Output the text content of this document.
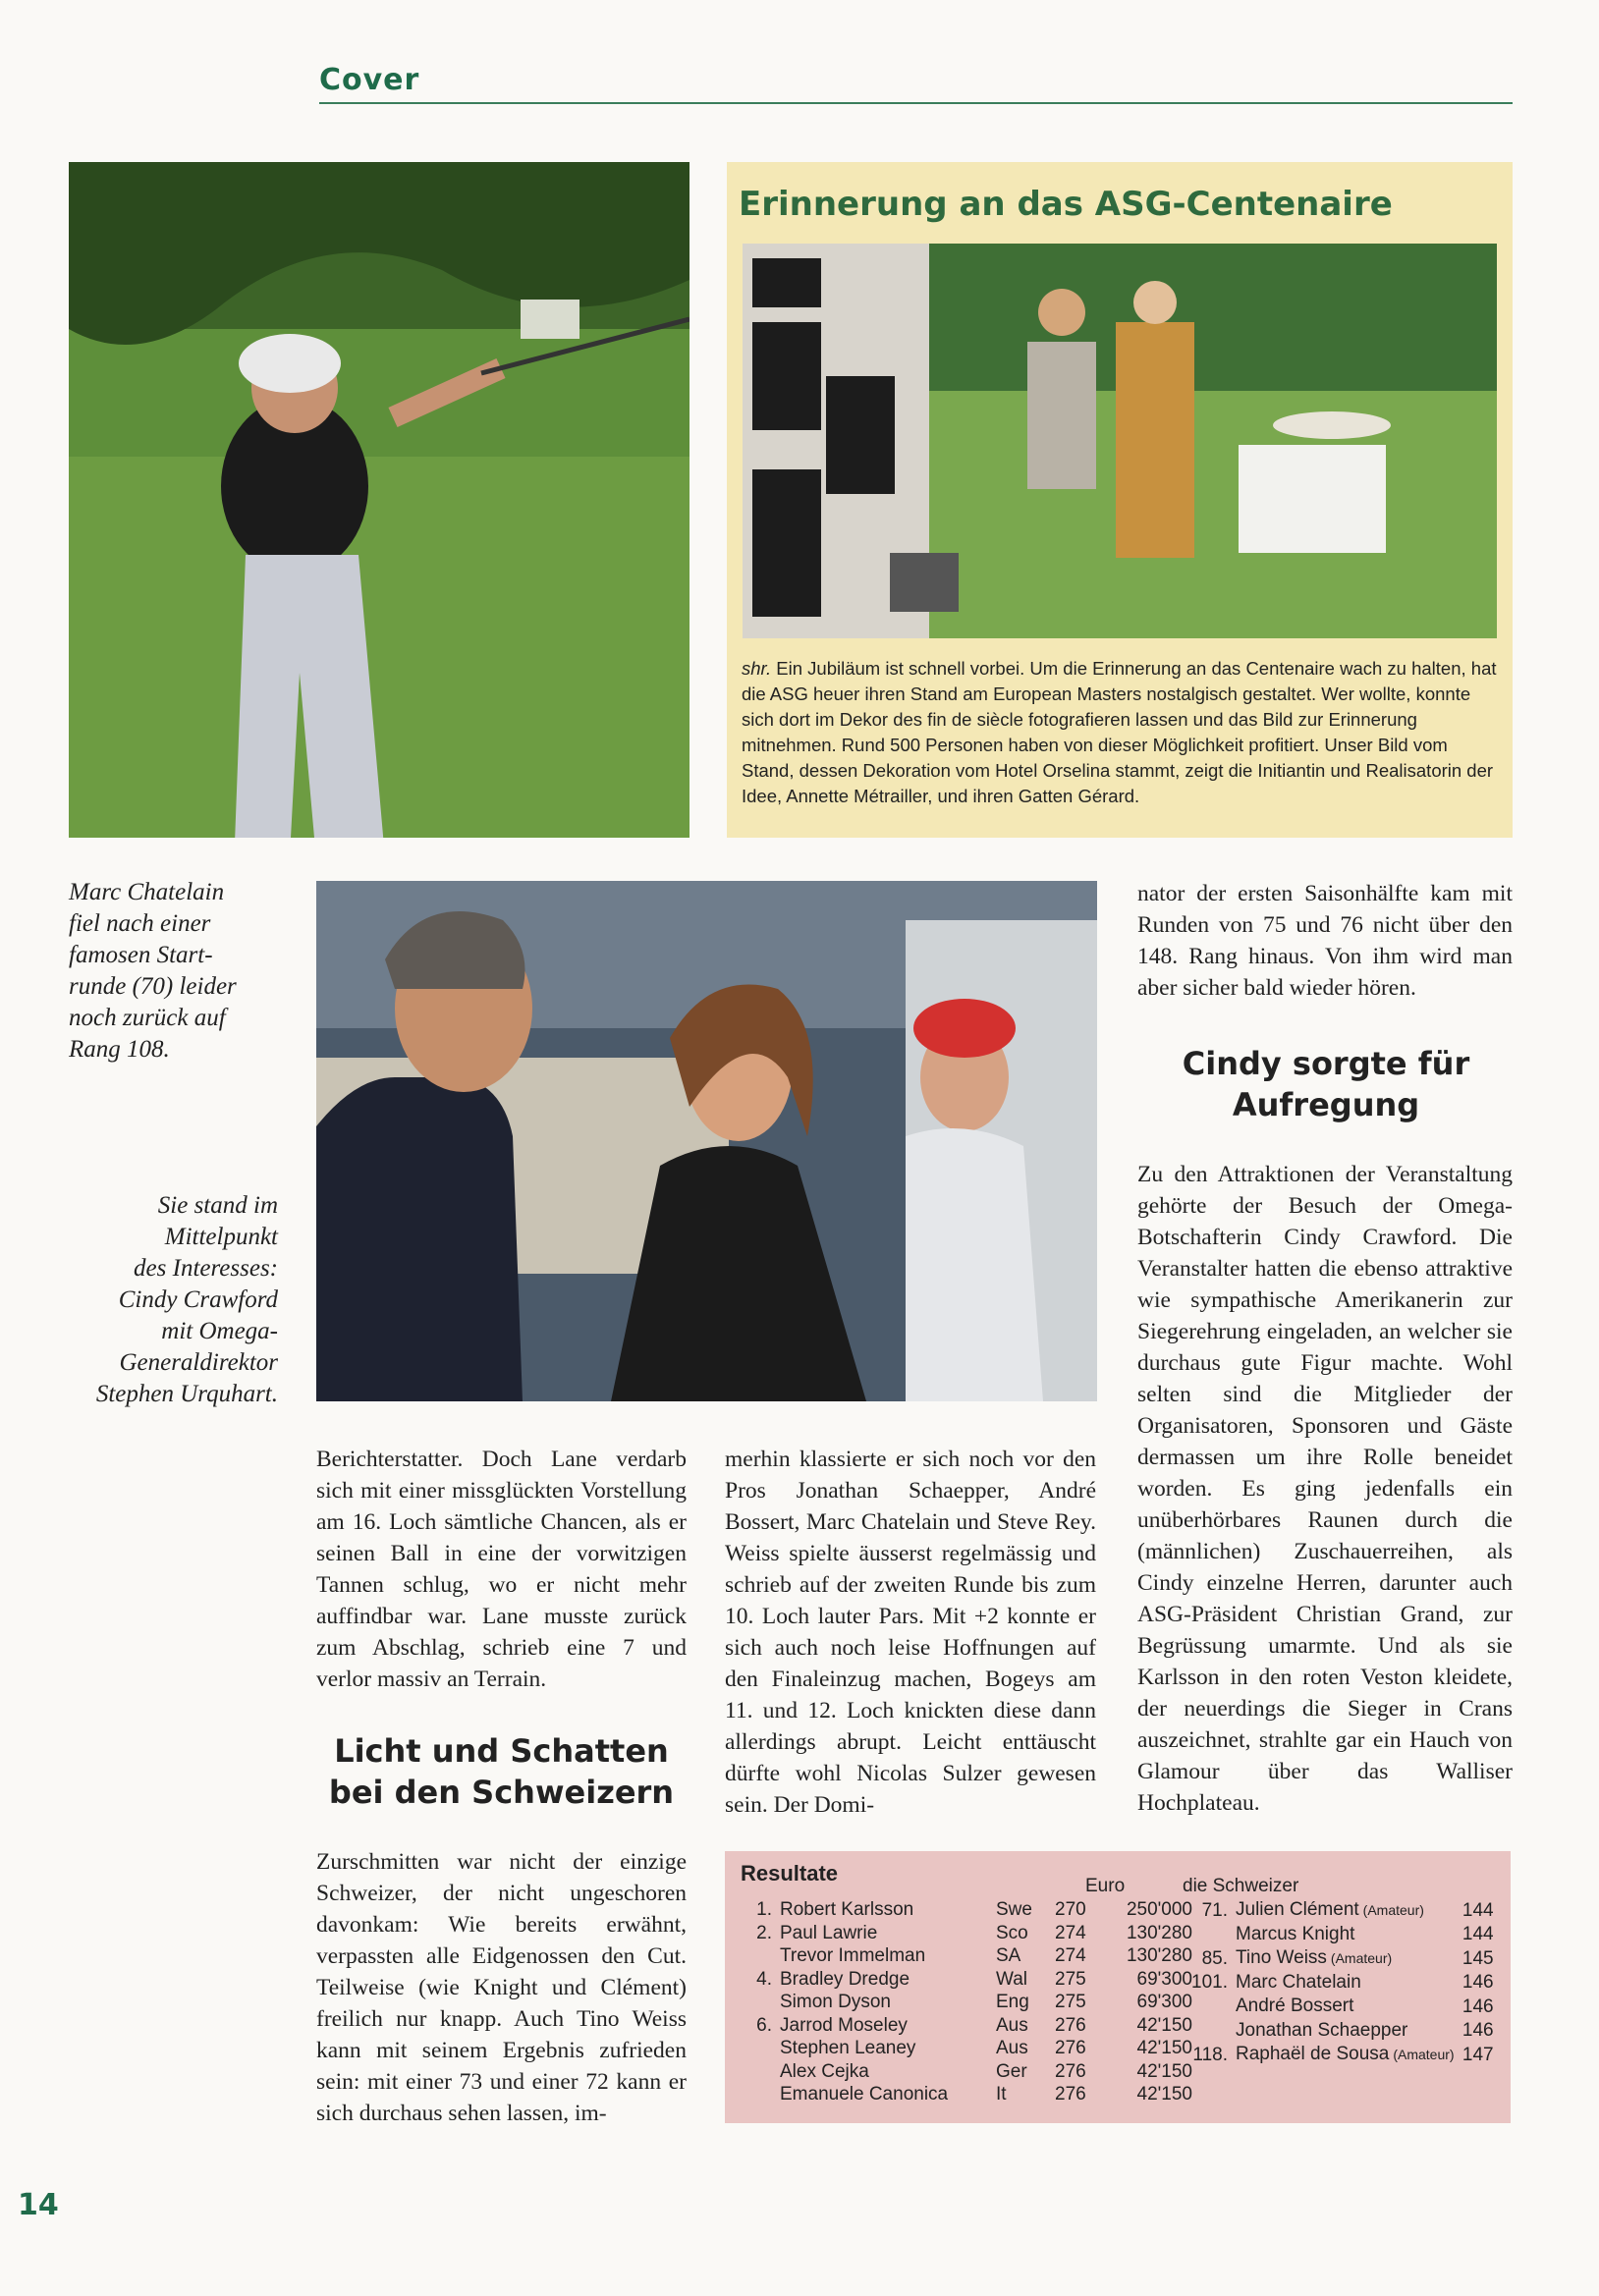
Cover
Erinnerung an das ASG-Centenaire
shr. Ein Jubiläum ist schnell vorbei. Um die Erinnerung an das Centenaire wach zu halten, hat die ASG heuer ihren Stand am European Masters nostalgisch gestaltet. Wer wollte, konnte sich dort im Dekor des fin de siècle fotografieren lassen und das Bild zur Erinnerung mitnehmen. Rund 500 Personen haben von dieser Möglichkeit profitiert. Unser Bild vom Stand, dessen Dekoration vom Hotel Orselina stammt, zeigt die Initiantin und Realisatorin der Idee, Annette Métrailler, und ihren Gatten Gérard.
Marc Chatelain
fiel nach einer
famosen Start-
runde (70) leider
noch zurück auf
Rang 108.
Sie stand im
Mittelpunkt
des Interesses:
Cindy Crawford
mit Omega-
Generaldirektor
Stephen Urquhart.
Berichterstatter. Doch Lane verdarb sich mit einer missglückten Vorstellung am 16. Loch sämtliche Chancen, als er seinen Ball in eine der vorwitzigen Tannen schlug, wo er nicht mehr auffindbar war. Lane musste zurück zum Abschlag, schrieb eine 7 und verlor massiv an Terrain.
Licht und Schatten bei den Schweizern
Zurschmitten war nicht der einzige Schweizer, der nicht ungeschoren davonkam: Wie bereits erwähnt, verpassten alle Eidgenossen den Cut. Teilweise (wie Knight und Clément) freilich nur knapp. Auch Tino Weiss kann mit seinem Ergebnis zufrieden sein: mit einer 73 und einer 72 kann er sich durchaus sehen lassen, im-
merhin klassierte er sich noch vor den Pros Jonathan Schaepper, André Bossert, Marc Chatelain und Steve Rey. Weiss spielte äusserst regelmässig und schrieb auf der zweiten Runde bis zum 10. Loch lauter Pars. Mit +2 konnte er sich auch noch leise Hoffnungen auf den Finaleinzug machen, Bogeys am 11. und 12. Loch knickten diese dann allerdings abrupt. Leicht enttäuscht dürfte wohl Nicolas Sulzer gewesen sein. Der Domi-
nator der ersten Saisonhälfte kam mit Runden von 75 und 76 nicht über den 148. Rang hinaus. Von ihm wird man aber sicher bald wieder hören.
Cindy sorgte für Aufregung
Zu den Attraktionen der Veranstaltung gehörte der Besuch der Omega-Botschafterin Cindy Crawford. Die Veranstalter hatten die ebenso attraktive wie sympathische Amerikanerin zur Siegerehrung eingeladen, an welcher sie durchaus gute Figur machte. Wohl selten sind die Mitglieder der Organisatoren, Sponsoren und Gäste dermassen um ihre Rolle beneidet worden. Es ging jedenfalls ein unüberhörbares Raunen durch die (männlichen) Zuschauerreihen, als Cindy einzelne Herren, darunter auch ASG-Präsident Christian Grand, zur Begrüssung umarmte. Und als sie Karlsson in den roten Veston kleidete, der neuerdings die Sieger in Crans auszeichnet, strahlte gar ein Hauch von Glamour über das Walliser Hochplateau.
Resultate
Euro
1.	Robert Karlsson	Swe	270	250'000
2.	Paul Lawrie	Sco	274	130'280
	Trevor Immelman	SA	274	130'280
4.	Bradley Dredge	Wal	275	69'300
	Simon Dyson	Eng	275	69'300
6.	Jarrod Moseley	Aus	276	42'150
	Stephen Leaney	Aus	276	42'150
	Alex Cejka	Ger	276	42'150
	Emanuele Canonica	It	276	42'150
die Schweizer
71.	Julien Clément (Amateur)	144
	Marcus Knight	144
85.	Tino Weiss (Amateur)	145
101.	Marc Chatelain	146
	André Bossert	146
	Jonathan Schaepper	146
118.	Raphaël de Sousa (Amateur)	147
14
